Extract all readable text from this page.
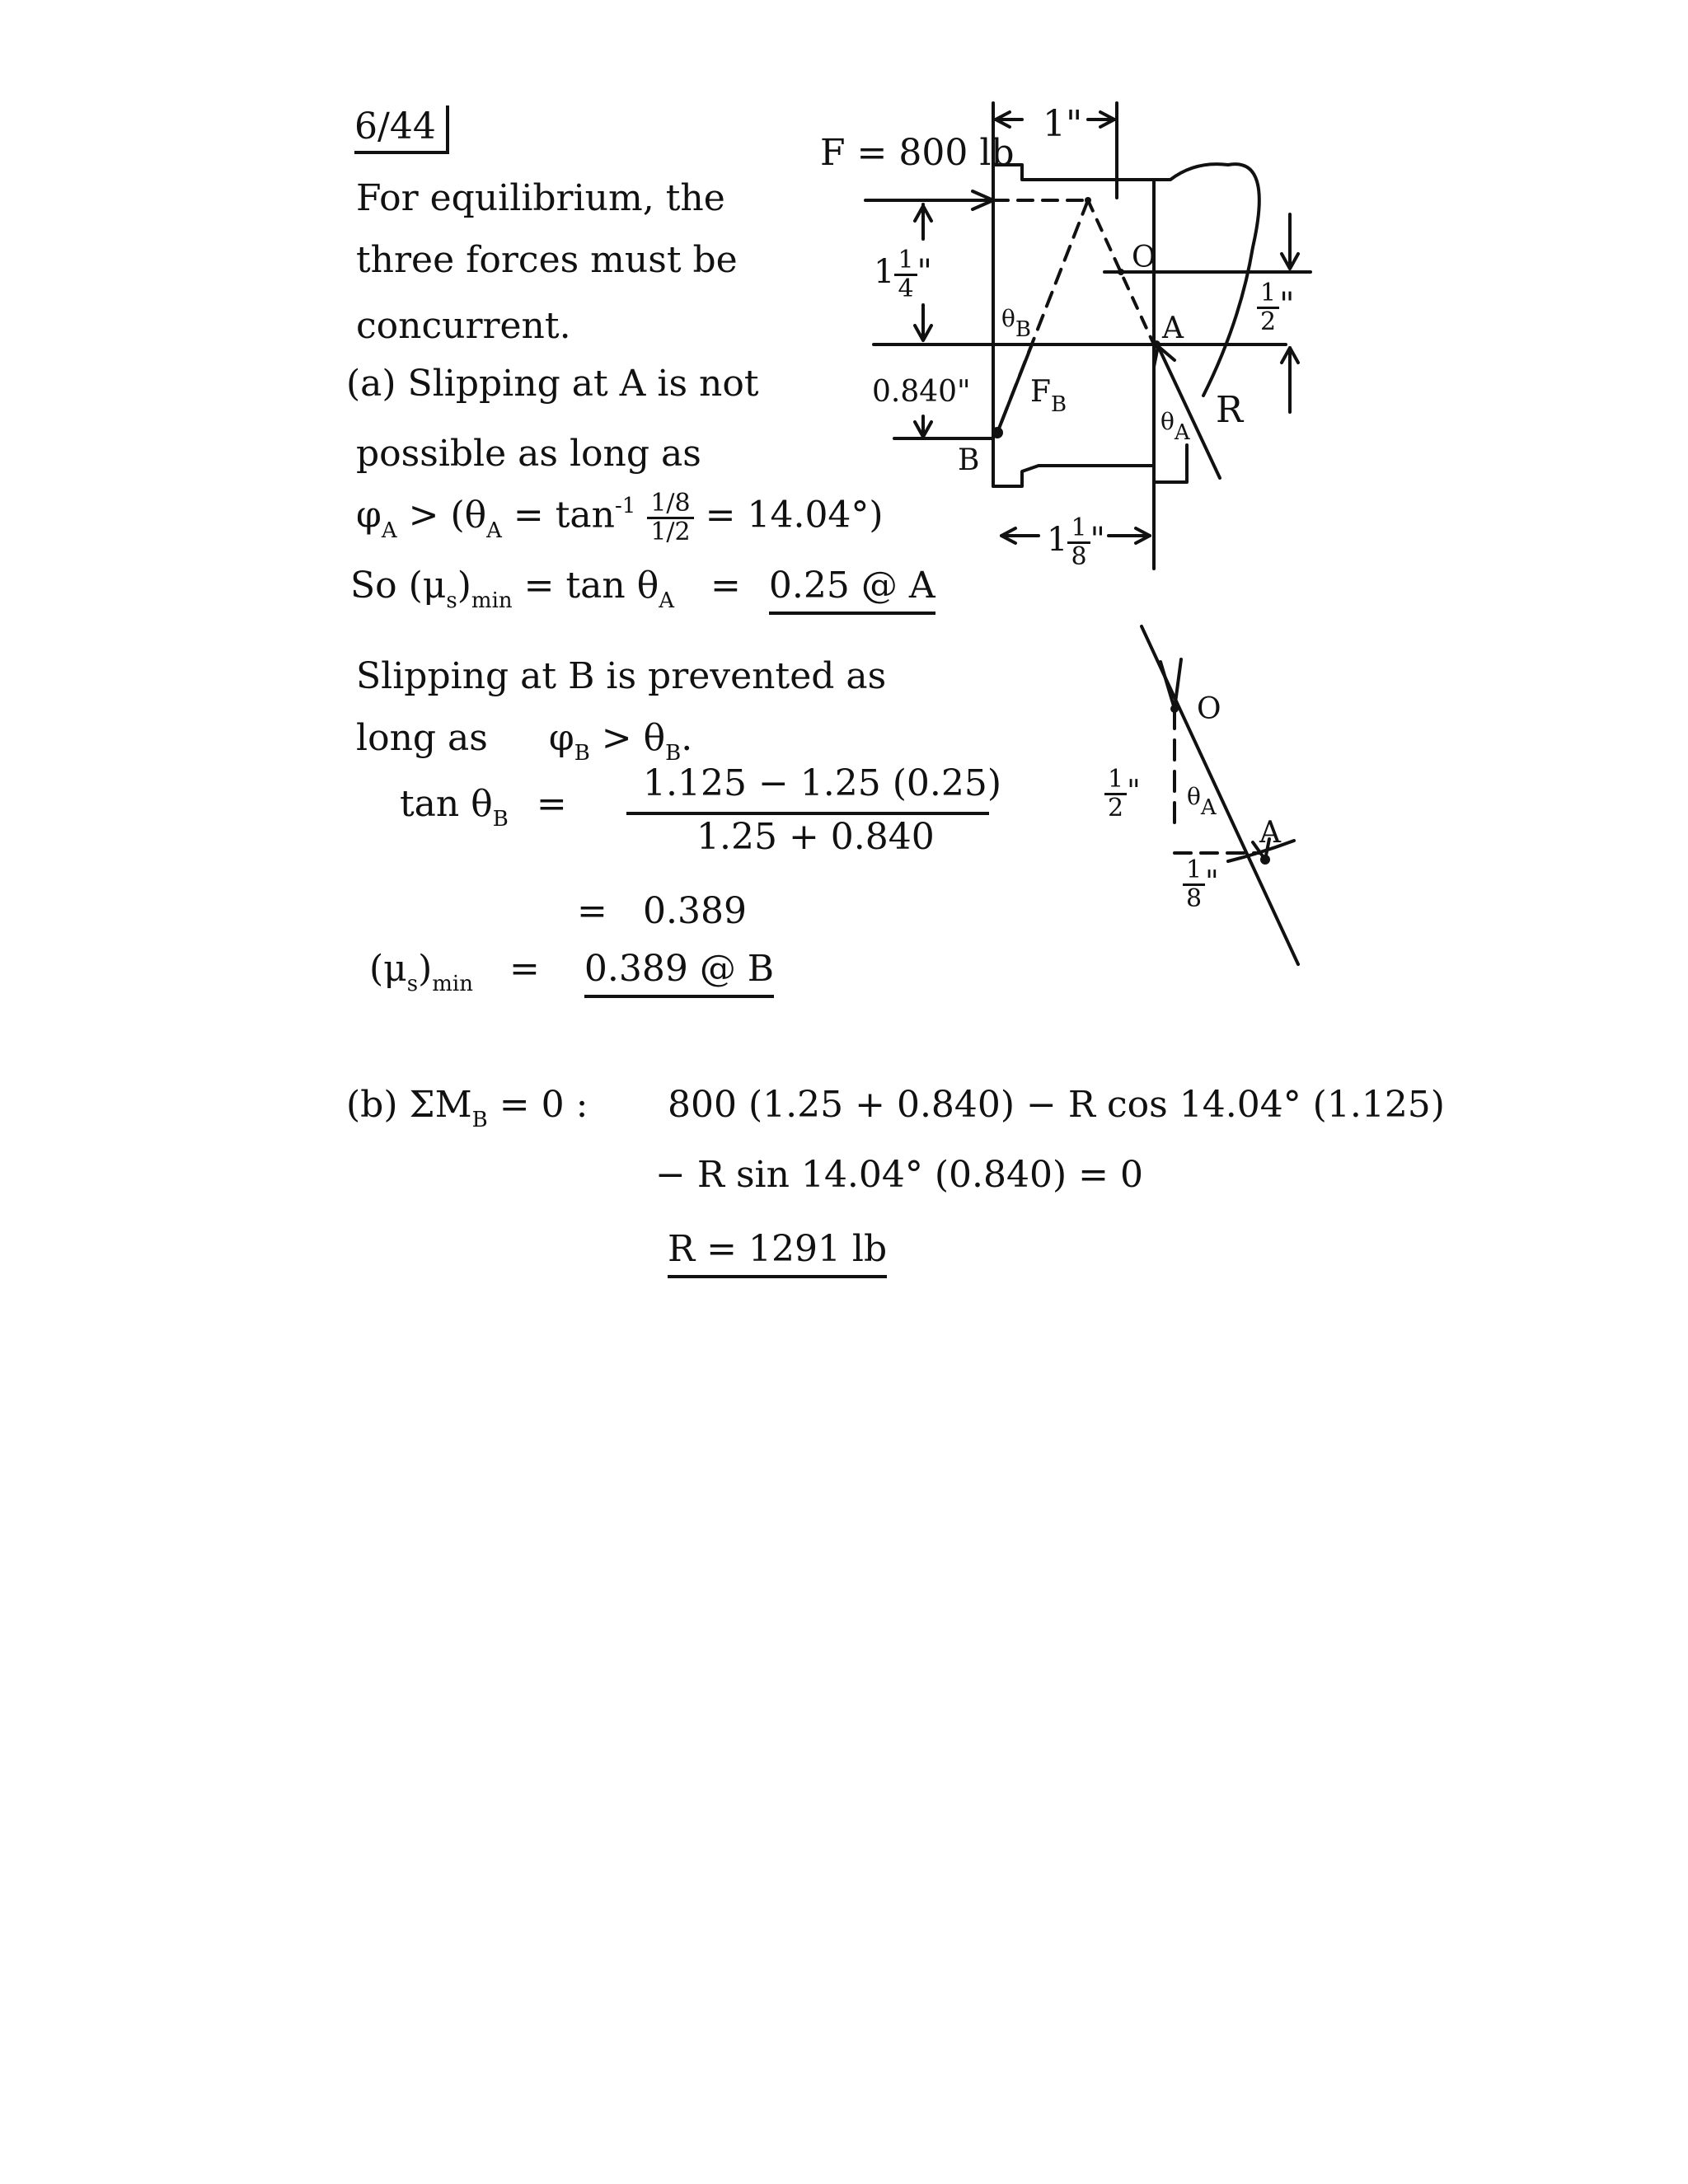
6/44
For equilibrium, the
three forces must be
concurrent.
(a) Slipping at A is not
possible as long as
$\varphi_A > (\theta_A = \tan^{-1} \frac{1/8}{1/2} = 14.04^\circ)$
So $(\mu_s)_{min} = \tan \theta_A = 0.25$ @ A
Slipping at B is prevented as
long as $\varphi_B > \theta_B$.
$\tan \theta_B = 1.125 - 1.25$ (0.25)
1.25 + 0.840
= 0.389
$(\mu_s)_{min} = 0.389$ @ B
(b) $\Sigma M_B = 0$ : 800 (1.25 + 0.840) − R cos 14.04° (1.125)
− R sin 14.04° (0.840) = 0
R = 1291 lb
F = 800 lb
1"
$1 \frac{1}{4}$ "
0.840"
$\frac{1}{2}$ "
$1 \frac{1}{8}$ "
O
A
B
R
$F_B$
θB
θA
O
A
θA
$\frac{1}{2}$ "
$\frac{1}{8}$ "
